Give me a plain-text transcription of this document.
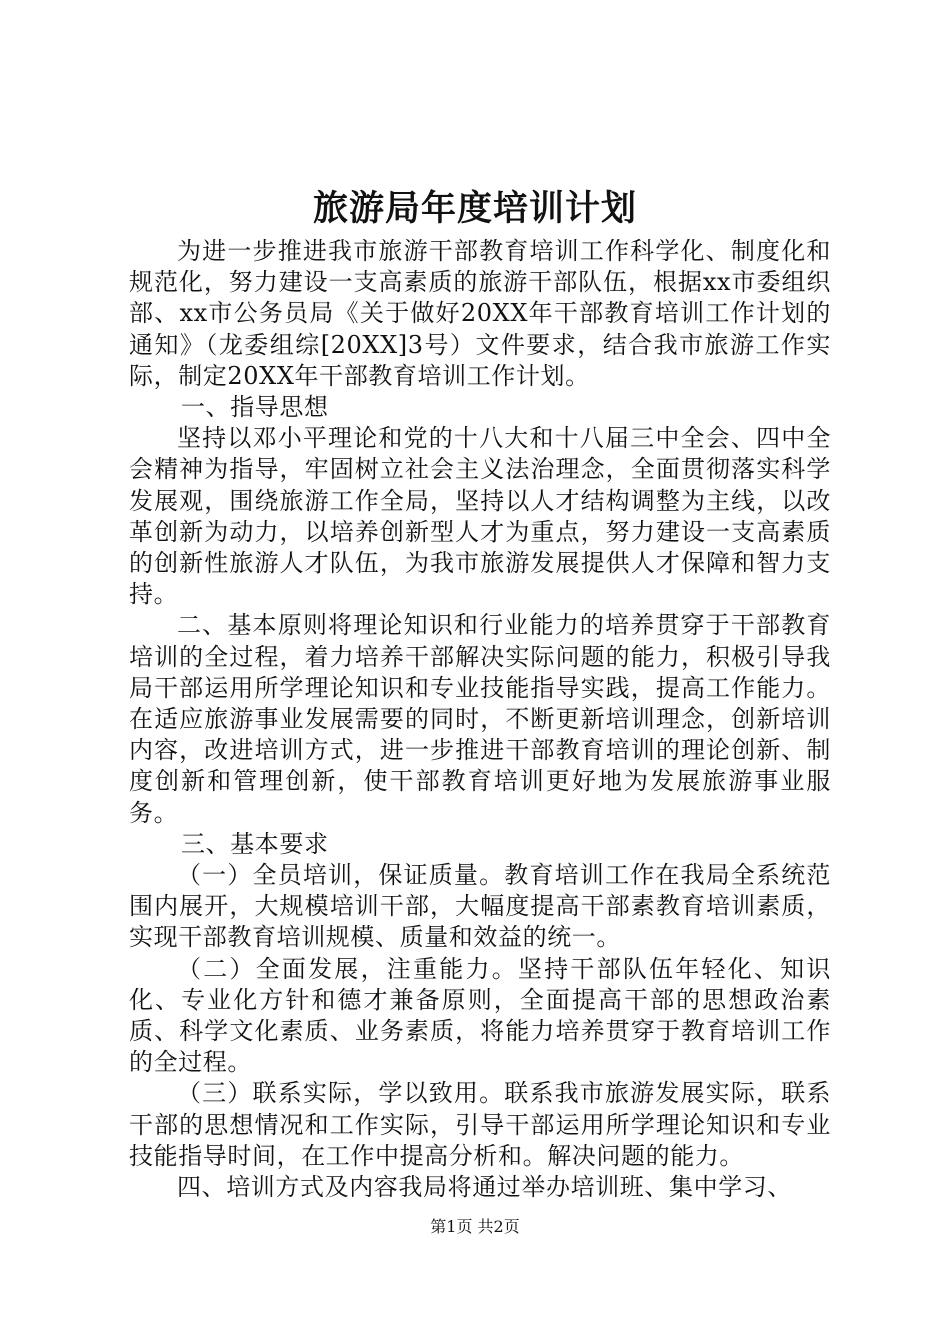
旅游局年度培训计划

为进一步推进我市旅游干部教育培训工作科学化、制度化和规范化，努力建设一支高素质的旅游干部队伍，根据xx市委组织部、xx市公务员局《关于做好20XX年干部教育培训工作计划的通知》（龙委组综[20XX]3号）文件要求，结合我市旅游工作实际，制定20XX年干部教育培训工作计划。

一、指导思想

坚持以邓小平理论和党的十八大和十八届三中全会、四中全会精神为指导，牢固树立社会主义法治理念，全面贯彻落实科学发展观，围绕旅游工作全局，坚持以人才结构调整为主线，以改革创新为动力，以培养创新型人才为重点，努力建设一支高素质的创新性旅游人才队伍，为我市旅游发展提供人才保障和智力支持。

二、基本原则将理论知识和行业能力的培养贯穿于干部教育培训的全过程，着力培养干部解决实际问题的能力，积极引导我局干部运用所学理论知识和专业技能指导实践，提高工作能力。在适应旅游事业发展需要的同时，不断更新培训理念，创新培训内容，改进培训方式，进一步推进干部教育培训的理论创新、制度创新和管理创新，使干部教育培训更好地为发展旅游事业服务。

三、基本要求

（一）全员培训，保证质量。教育培训工作在我局全系统范围内展开，大规模培训干部，大幅度提高干部素教育培训素质，实现干部教育培训规模、质量和效益的统一。

（二）全面发展，注重能力。坚持干部队伍年轻化、知识化、专业化方针和德才兼备原则，全面提高干部的思想政治素质、科学文化素质、业务素质，将能力培养贯穿于教育培训工作的全过程。

（三）联系实际，学以致用。联系我市旅游发展实际，联系干部的思想情况和工作实际，引导干部运用所学理论知识和专业技能指导时间，在工作中提高分析和。解决问题的能力。

四、培训方式及内容我局将通过举办培训班、集中学习、

第1页 共2页
